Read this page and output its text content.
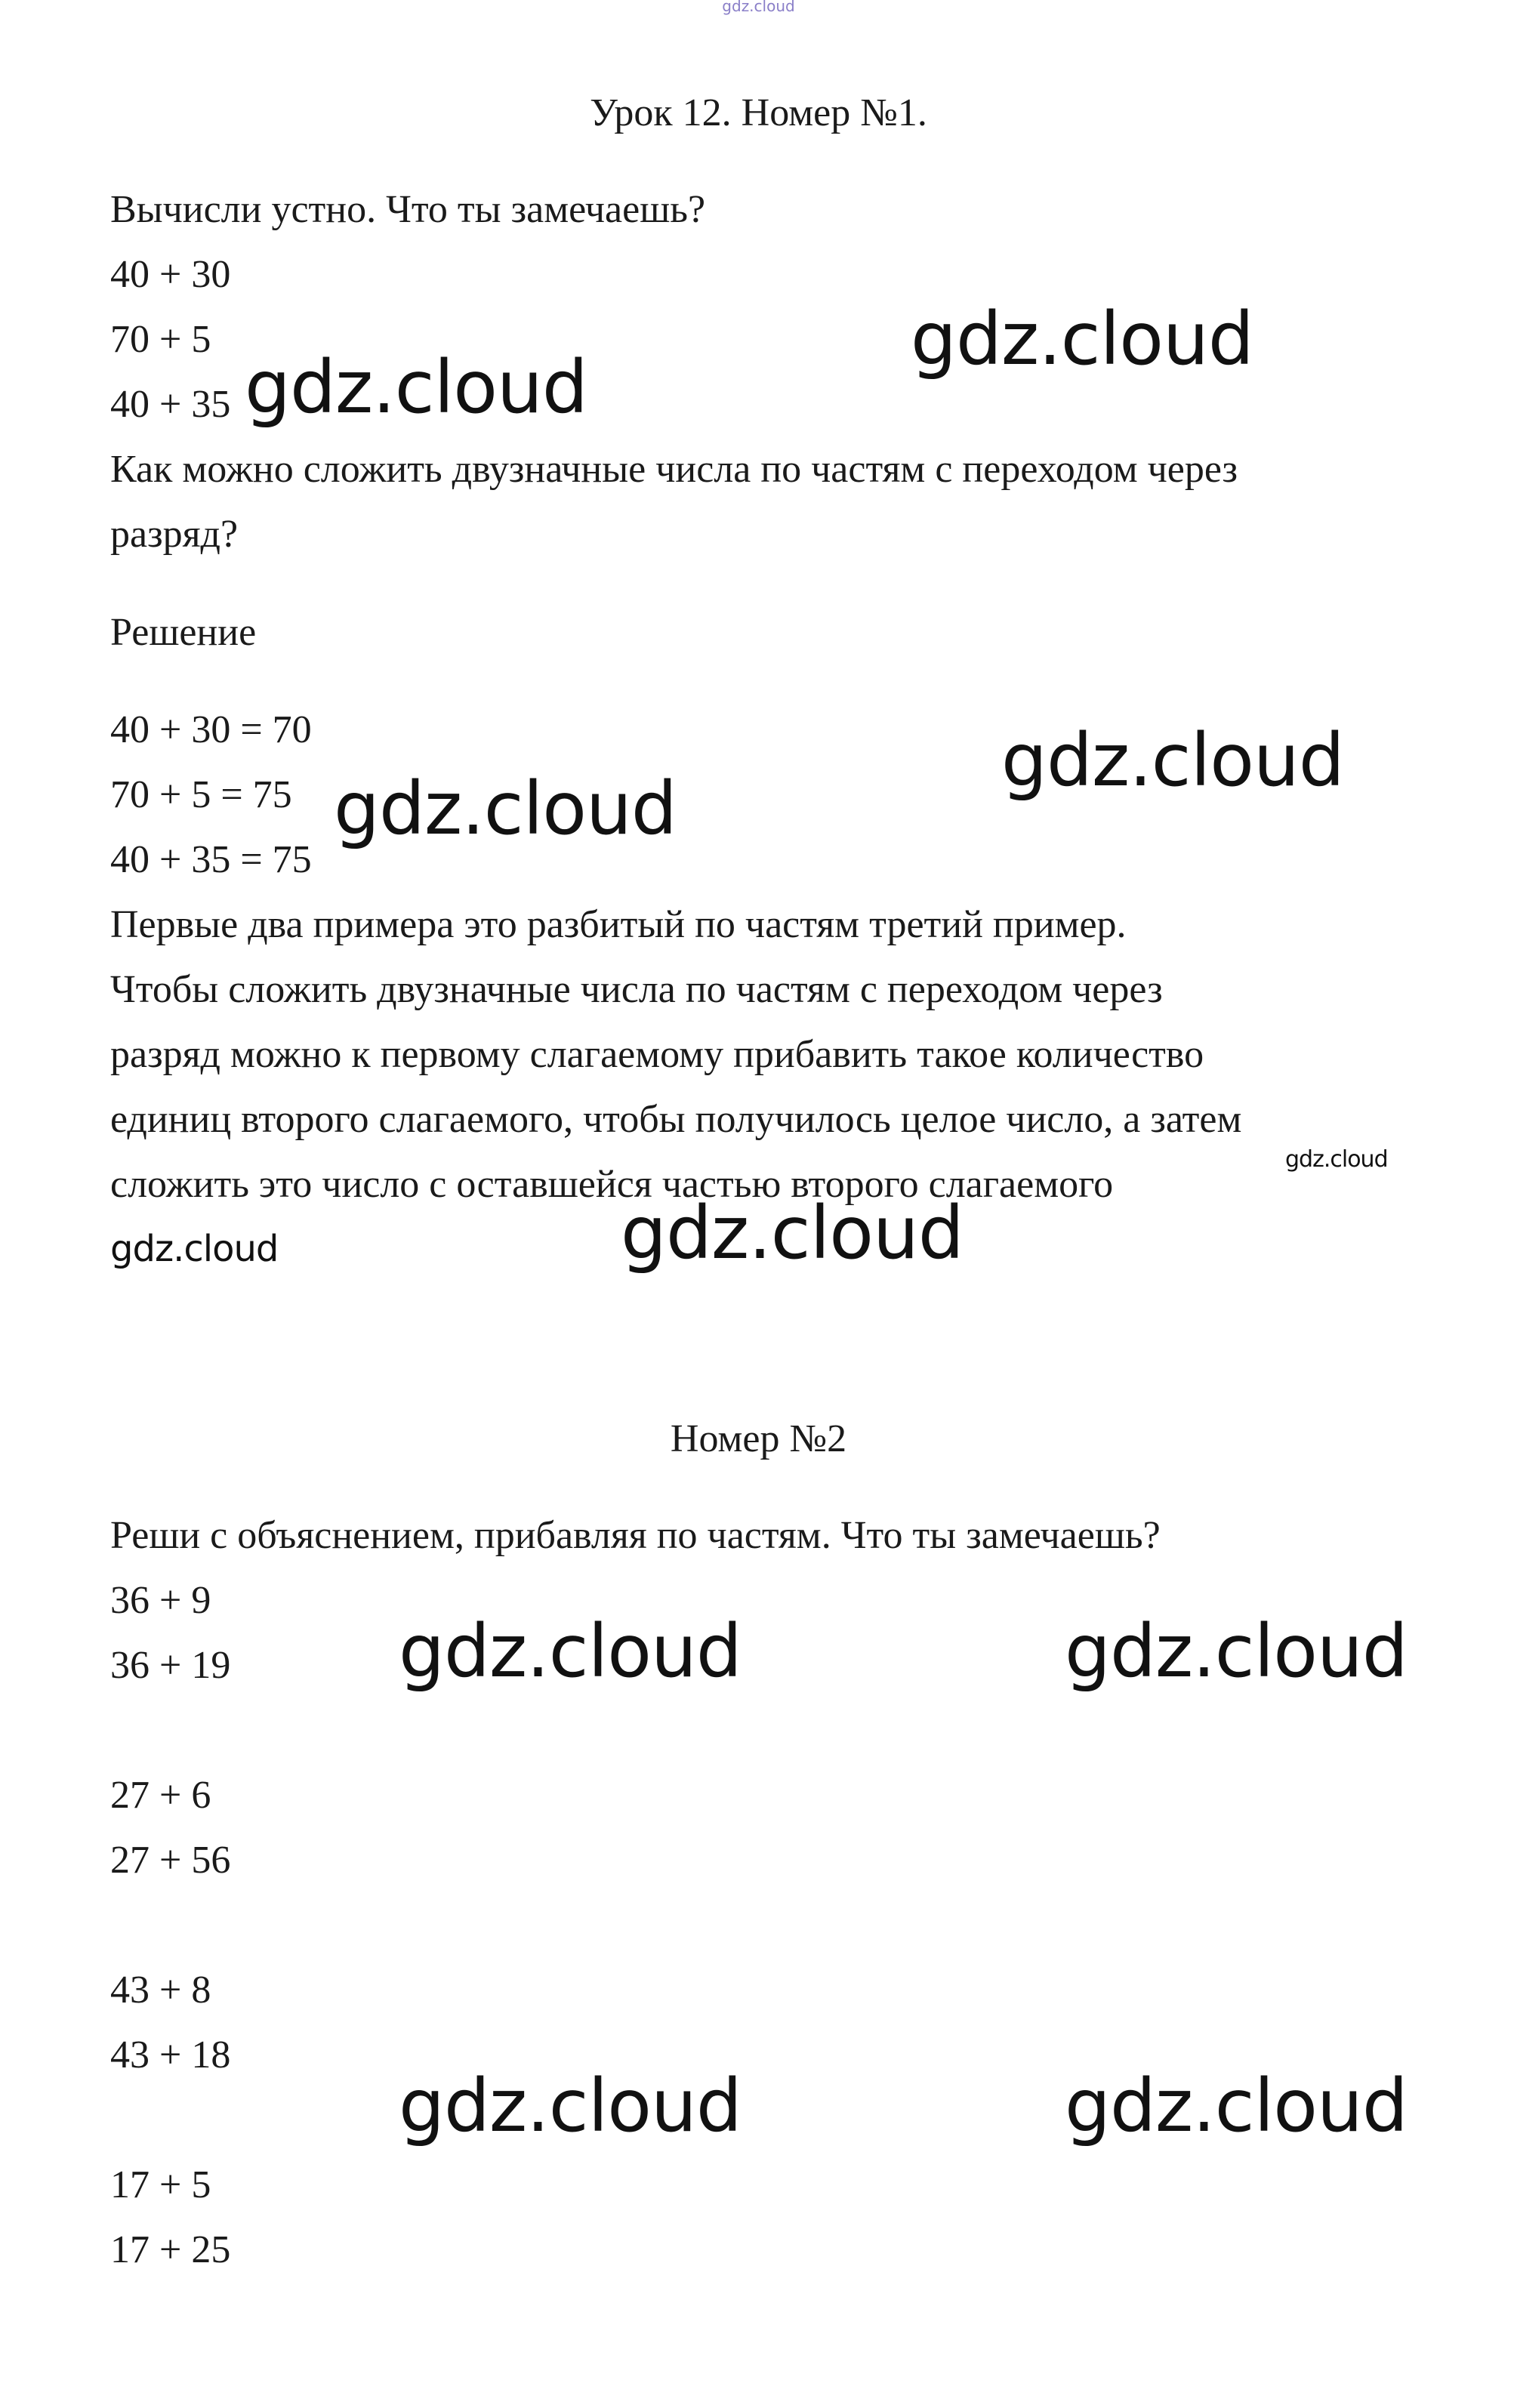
gdz.cloud
Урок 12. Номер №1.
Вычисли устно. Что ты замечаешь?
40 + 30
70 + 5
40 + 35
Как можно сложить двузначные числа по частям с переходом через
разряд?
Решение
40 + 30 = 70
70 + 5 = 75
40 + 35 = 75
Первые два примера это разбитый по частям третий пример.
Чтобы сложить двузначные числа по частям с переходом через
разряд можно к первому слагаемому прибавить такое количество
единиц второго слагаемого, чтобы получилось целое число, а затем
сложить это число с оставшейся частью второго слагаемого
Номер №2
Реши с объяснением, прибавляя по частям. Что ты замечаешь?
36 + 9
36 + 19
27 + 6
27 + 56
43 + 8
43 + 18
17 + 5
17 + 25
gdz.cloud
gdz.cloud
gdz.cloud
gdz.cloud
gdz.cloud
gdz.cloud
gdz.cloud
gdz.cloud	gdz.cloud
gdz.cloud	gdz.cloud
